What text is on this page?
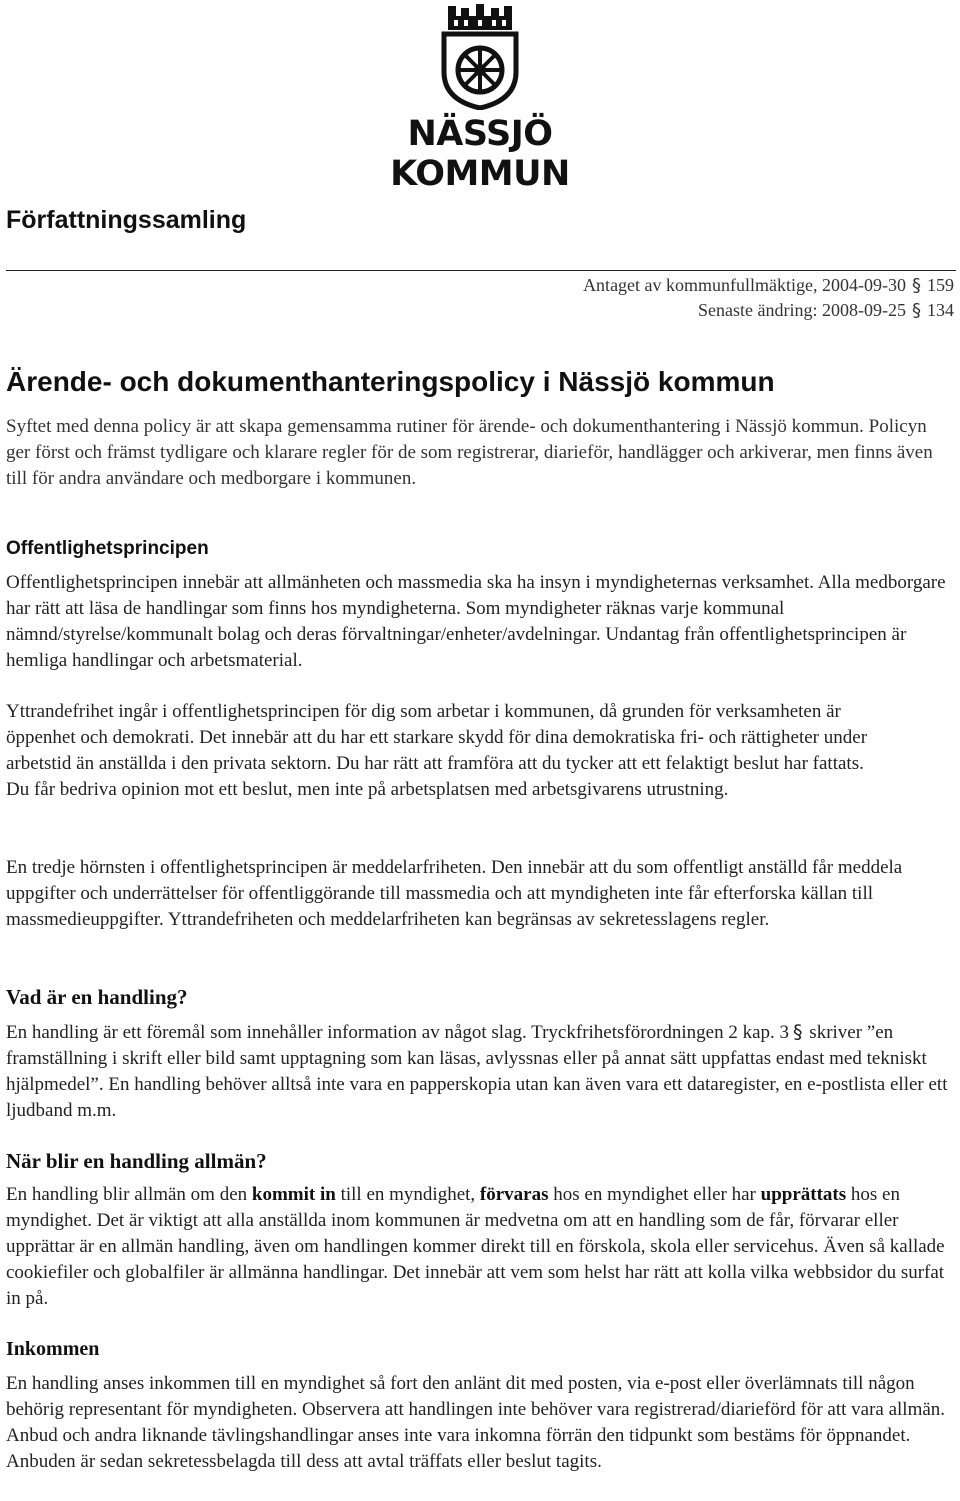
NÄSSJÖ KOMMUN
Författningssamling
Antaget av kommunfullmäktige, 2004-09-30 § 159
Senaste ändring: 2008-09-25 § 134
Ärende- och dokumenthanteringspolicy i Nässjö kommun

Syftet med denna policy är att skapa gemensamma rutiner för ärende- och dokumenthantering i Nässjö kommun. Policyn ger först och främst tydligare och klarare regler för de som registrerar, diarieför, handlägger och arkiverar, men finns även till för andra användare och medborgare i kommunen.

Offentlighetsprincipen

Offentlighetsprincipen innebär att allmänheten och massmedia ska ha insyn i myndigheternas verksamhet. Alla medborgare har rätt att läsa de handlingar som finns hos myndigheterna. Som myndigheter räknas varje kommunal nämnd/styrelse/kommunalt bolag och deras förvaltningar/enheter/avdelningar. Undantag från offentlighetsprincipen är hemliga handlingar och arbetsmaterial.

Yttrandefrihet ingår i offentlighetsprincipen för dig som arbetar i kommunen, då grunden för verksamheten är öppenhet och demokrati. Det innebär att du har ett starkare skydd för dina demokratiska fri- och rättigheter under arbetstid än anställda i den privata sektorn. Du har rätt att framföra att du tycker att ett felaktigt beslut har fattats. Du får bedriva opinion mot ett beslut, men inte på arbetsplatsen med arbetsgivarens utrustning.

En tredje hörnsten i offentlighetsprincipen är meddelarfriheten. Den innebär att du som offentligt anställd får meddela uppgifter och underrättelser för offentliggörande till massmedia och att myndigheten inte får efterforska källan till massmedieuppgifter. Yttrandefriheten och meddelarfriheten kan begränsas av sekretesslagens regler.

Vad är en handling?

En handling är ett föremål som innehåller information av något slag. Tryckfrihetsförordningen 2 kap. 3 § skriver ”en framställning i skrift eller bild samt upptagning som kan läsas, avlyssnas eller på annat sätt uppfattas endast med tekniskt hjälpmedel”. En handling behöver alltså inte vara en papperskopia utan kan även vara ett dataregister, en e-postlista eller ett ljudband m.m.

När blir en handling allmän?

En handling blir allmän om den kommit in till en myndighet, förvaras hos en myndighet eller har upprättats hos en myndighet. Det är viktigt att alla anställda inom kommunen är medvetna om att en handling som de får, förvarar eller upprättar är en allmän handling, även om handlingen kommer direkt till en förskola, skola eller servicehus. Även så kallade cookiefiler och globalfiler är allmänna handlingar. Det innebär att vem som helst har rätt att kolla vilka webbsidor du surfat in på.

Inkommen

En handling anses inkommen till en myndighet så fort den anlänt dit med posten, via e-post eller överlämnats till någon behörig representant för myndigheten. Observera att handlingen inte behöver vara registrerad/diarieförd för att vara allmän. Anbud och andra liknande tävlingshandlingar anses inte vara inkomna förrän den tidpunkt som bestäms för öppnandet. Anbuden är sedan sekretessbelagda till dess att avtal träffats eller beslut tagits.
